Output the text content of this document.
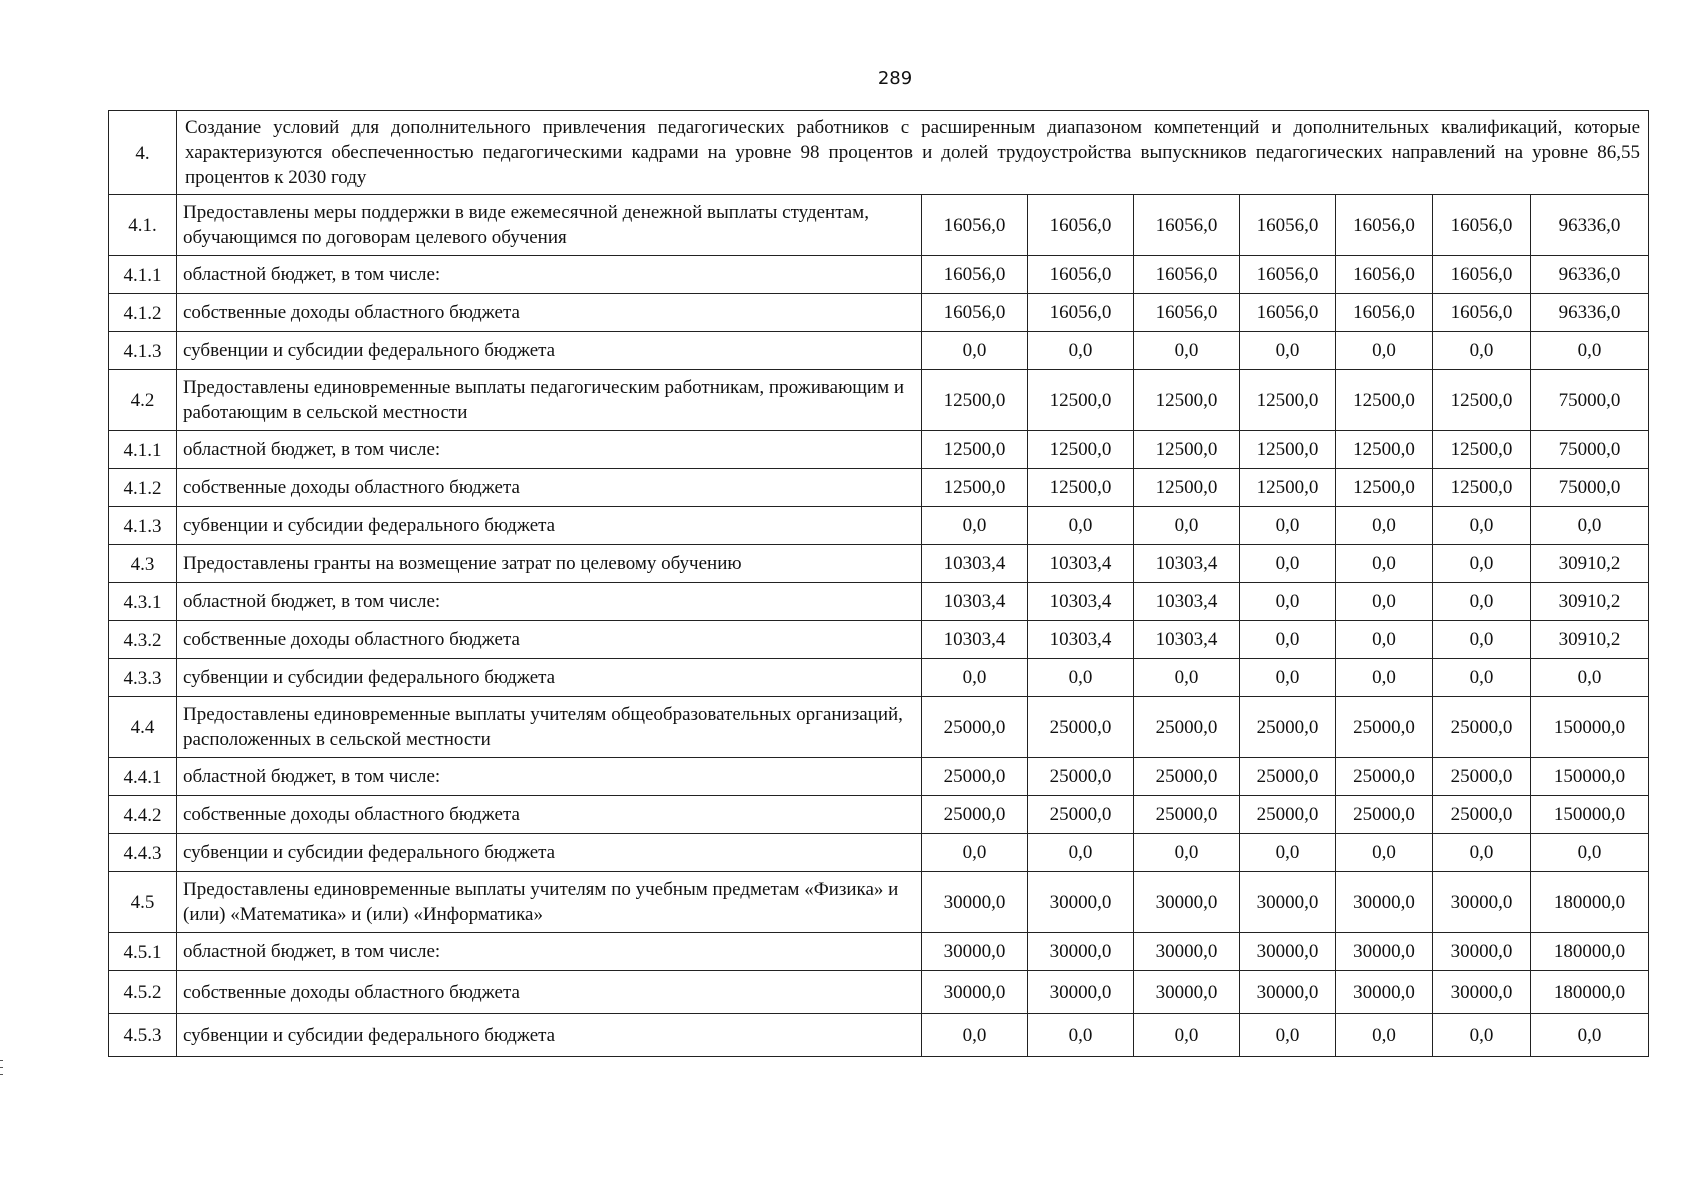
289
4.	Создание условий для дополнительного привлечения педагогических работников с расширенным диапазоном компетенций и дополнительных квалификаций, которые характеризуются обеспеченностью педагогическими кадрами на уровне 98 процентов и долей трудоустройства выпускников педагогических направлений на уровне 86,55 процентов к 2030 году							
4.1.	Предоставлены меры поддержки в виде ежемесячной денежной выплаты студентам, обучающимся по договорам целевого обучения	16056,0	16056,0	16056,0	16056,0	16056,0	16056,0	96336,0
4.1.1	областной бюджет, в том числе:	16056,0	16056,0	16056,0	16056,0	16056,0	16056,0	96336,0
4.1.2	собственные доходы областного бюджета	16056,0	16056,0	16056,0	16056,0	16056,0	16056,0	96336,0
4.1.3	субвенции и субсидии федерального бюджета	0,0	0,0	0,0	0,0	0,0	0,0	0,0
4.2	Предоставлены единовременные выплаты педагогическим работникам, проживающим и работающим в сельской местности	12500,0	12500,0	12500,0	12500,0	12500,0	12500,0	75000,0
4.1.1	областной бюджет, в том числе:	12500,0	12500,0	12500,0	12500,0	12500,0	12500,0	75000,0
4.1.2	собственные доходы областного бюджета	12500,0	12500,0	12500,0	12500,0	12500,0	12500,0	75000,0
4.1.3	субвенции и субсидии федерального бюджета	0,0	0,0	0,0	0,0	0,0	0,0	0,0
4.3	Предоставлены гранты на возмещение затрат по целевому обучению	10303,4	10303,4	10303,4	0,0	0,0	0,0	30910,2
4.3.1	областной бюджет, в том числе:	10303,4	10303,4	10303,4	0,0	0,0	0,0	30910,2
4.3.2	собственные доходы областного бюджета	10303,4	10303,4	10303,4	0,0	0,0	0,0	30910,2
4.3.3	субвенции и субсидии федерального бюджета	0,0	0,0	0,0	0,0	0,0	0,0	0,0
4.4	Предоставлены единовременные выплаты учителям общеобразовательных организаций, расположенных в сельской местности	25000,0	25000,0	25000,0	25000,0	25000,0	25000,0	150000,0
4.4.1	областной бюджет, в том числе:	25000,0	25000,0	25000,0	25000,0	25000,0	25000,0	150000,0
4.4.2	собственные доходы областного бюджета	25000,0	25000,0	25000,0	25000,0	25000,0	25000,0	150000,0
4.4.3	субвенции и субсидии федерального бюджета	0,0	0,0	0,0	0,0	0,0	0,0	0,0
4.5	Предоставлены единовременные выплаты учителям по учебным предметам «Физика» и (или) «Математика» и (или) «Информатика»	30000,0	30000,0	30000,0	30000,0	30000,0	30000,0	180000,0
4.5.1	областной бюджет, в том числе:	30000,0	30000,0	30000,0	30000,0	30000,0	30000,0	180000,0
4.5.2	собственные доходы областного бюджета	30000,0	30000,0	30000,0	30000,0	30000,0	30000,0	180000,0
4.5.3	субвенции и субсидии федерального бюджета	0,0	0,0	0,0	0,0	0,0	0,0	0,0
